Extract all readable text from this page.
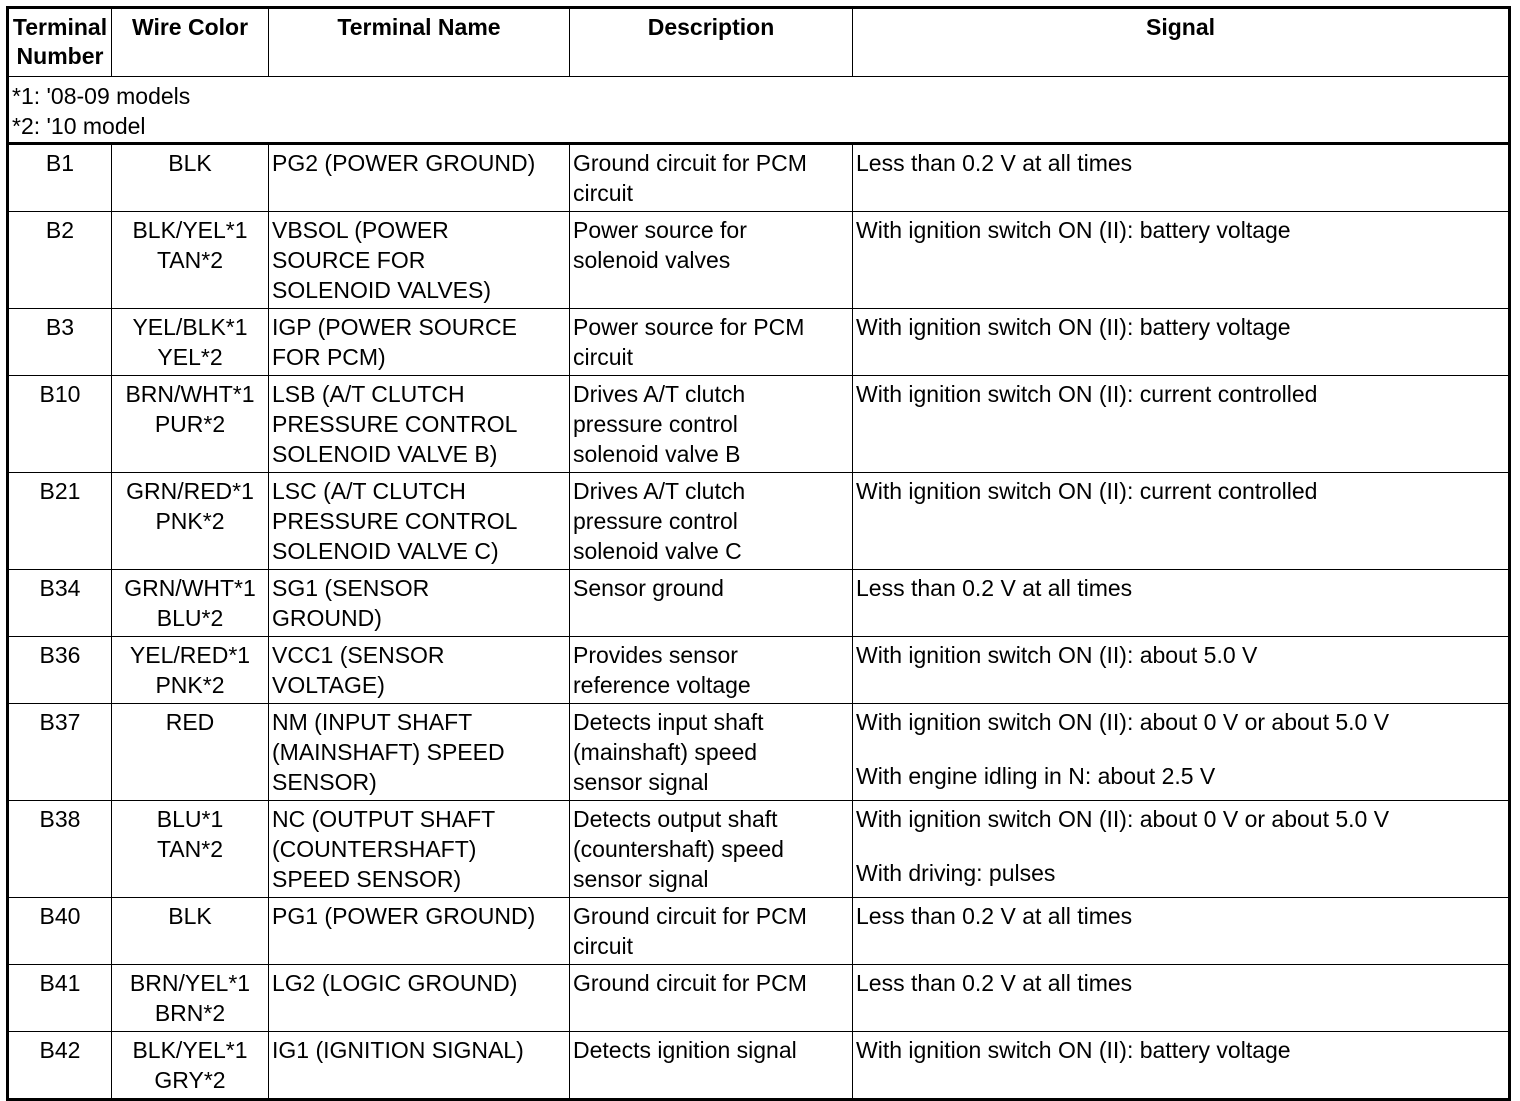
Terminal
Number	Wire Color	Terminal Name	Description	Signal

*1: '08-09 models
*2: '10 model				

B1	BLK	PG2 (POWER GROUND)	Ground circuit for PCM
circuit	Less than 0.2 V at all times

B2	BLK/YEL*1
TAN*2	VBSOL (POWER
SOURCE FOR
SOLENOID VALVES)	Power source for
solenoid valves	With ignition switch ON (II): battery voltage

B3	YEL/BLK*1
YEL*2	IGP (POWER SOURCE
FOR PCM)	Power source for PCM
circuit	With ignition switch ON (II): battery voltage

B10	BRN/WHT*1
PUR*2	LSB (A/T CLUTCH
PRESSURE CONTROL
SOLENOID VALVE B)	Drives A/T clutch
pressure control
solenoid valve B	With ignition switch ON (II): current controlled

B21	GRN/RED*1
PNK*2	LSC (A/T CLUTCH
PRESSURE CONTROL
SOLENOID VALVE C)	Drives A/T clutch
pressure control
solenoid valve C	With ignition switch ON (II): current controlled

B34	GRN/WHT*1
BLU*2	SG1 (SENSOR
GROUND)	Sensor ground	Less than 0.2 V at all times

B36	YEL/RED*1
PNK*2	VCC1 (SENSOR
VOLTAGE)	Provides sensor
reference voltage	With ignition switch ON (II): about 5.0 V

B37	RED	NM (INPUT SHAFT
(MAINSHAFT) SPEED
SENSOR)	Detects input shaft
(mainshaft) speed
sensor signal	With ignition switch ON (II): about 0 V or about 5.0 V
With engine idling in N: about 2.5 V

B38	BLU*1
TAN*2	NC (OUTPUT SHAFT
(COUNTERSHAFT)
SPEED SENSOR)	Detects output shaft
(countershaft) speed
sensor signal	With ignition switch ON (II): about 0 V or about 5.0 V
With driving: pulses

B40	BLK	PG1 (POWER GROUND)	Ground circuit for PCM
circuit	Less than 0.2 V at all times

B41	BRN/YEL*1
BRN*2	LG2 (LOGIC GROUND)	Ground circuit for PCM	Less than 0.2 V at all times

B42	BLK/YEL*1
GRY*2	IG1 (IGNITION SIGNAL)	Detects ignition signal	With ignition switch ON (II): battery voltage
